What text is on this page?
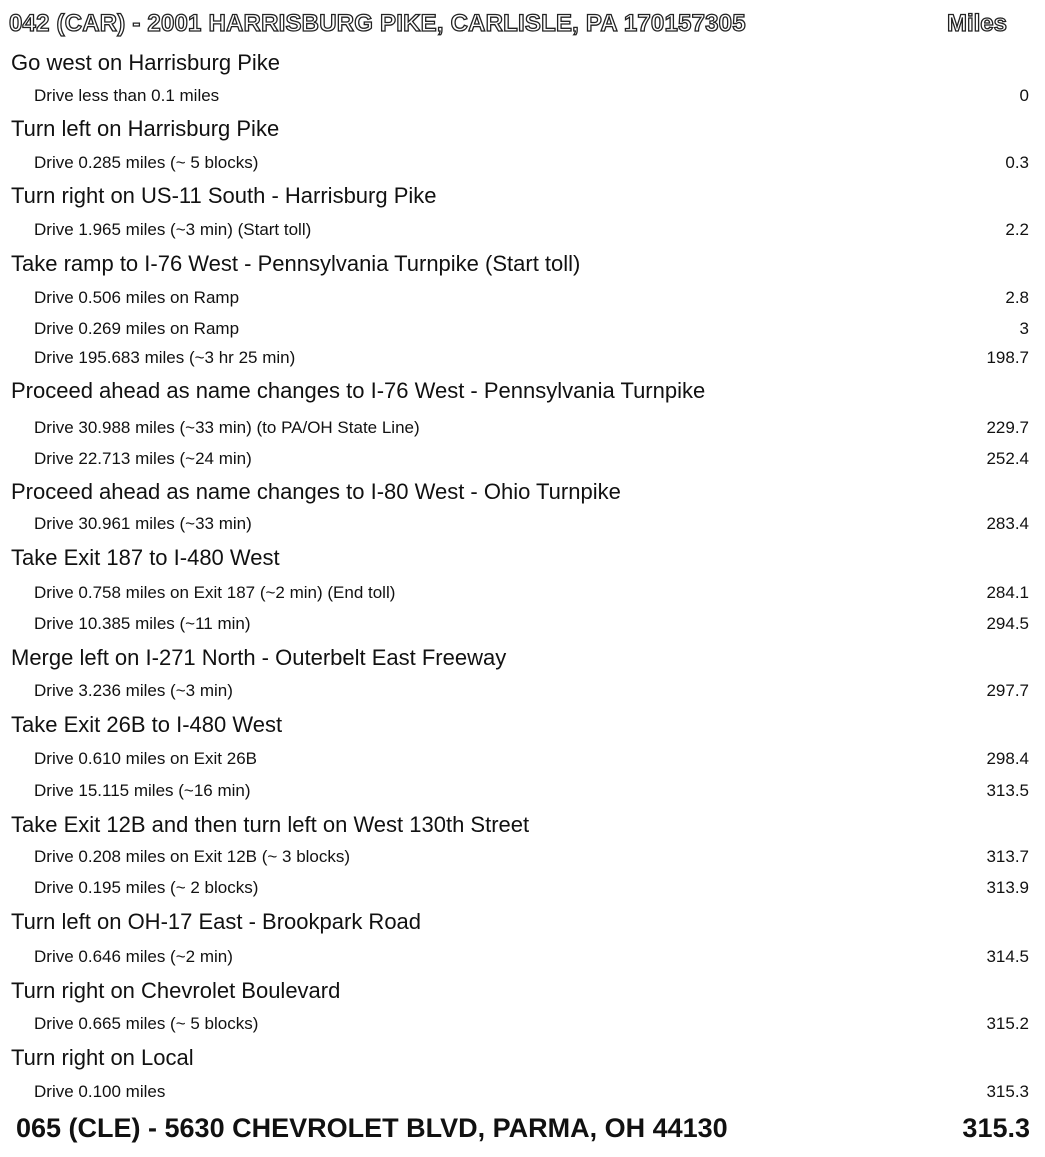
042 (CAR) - 2001 HARRISBURG PIKE, CARLISLE, PA 170157305	Miles
Go west on Harrisburg Pike
Drive less than 0.1 miles	0
Turn left on Harrisburg Pike
Drive 0.285 miles (~ 5 blocks)	0.3
Turn right on US-11 South - Harrisburg Pike
Drive 1.965 miles (~3 min) (Start toll)	2.2
Take ramp to I-76 West - Pennsylvania Turnpike (Start toll)
Drive 0.506 miles on Ramp	2.8
Drive 0.269 miles on Ramp	3
Drive 195.683 miles (~3 hr 25 min)	198.7
Proceed ahead as name changes to I-76 West - Pennsylvania Turnpike
Drive 30.988 miles (~33 min) (to PA/OH State Line)	229.7
Drive 22.713 miles (~24 min)	252.4
Proceed ahead as name changes to I-80 West - Ohio Turnpike
Drive 30.961 miles (~33 min)	283.4
Take Exit 187 to I-480 West
Drive 0.758 miles on Exit 187 (~2 min) (End toll)	284.1
Drive 10.385 miles (~11 min)	294.5
Merge left on I-271 North - Outerbelt East Freeway
Drive 3.236 miles (~3 min)	297.7
Take Exit 26B to I-480 West
Drive 0.610 miles on Exit 26B	298.4
Drive 15.115 miles (~16 min)	313.5
Take Exit 12B and then turn left on West 130th Street
Drive 0.208 miles on Exit 12B (~ 3 blocks)	313.7
Drive 0.195 miles (~ 2 blocks)	313.9
Turn left on OH-17 East - Brookpark Road
Drive 0.646 miles (~2 min)	314.5
Turn right on Chevrolet Boulevard
Drive 0.665 miles (~ 5 blocks)	315.2
Turn right on Local
Drive 0.100 miles	315.3
065 (CLE) - 5630 CHEVROLET BLVD, PARMA, OH 44130	315.3
